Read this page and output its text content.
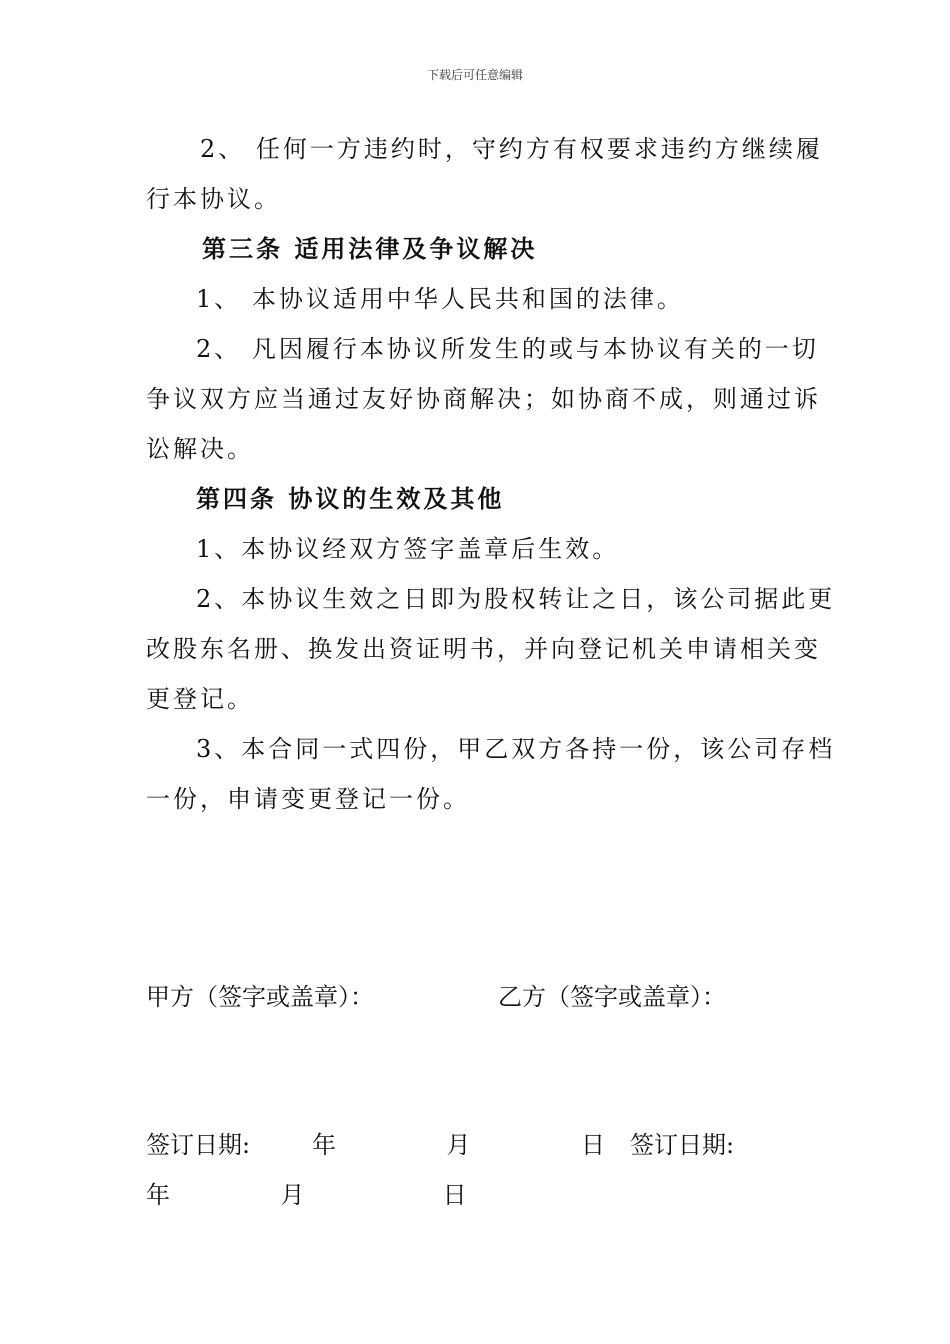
下载后可任意编辑
2、 任何一方违约时，守约方有权要求违约方继续履
行本协议。
第三条 适用法律及争议解决
1、 本协议适用中华人民共和国的法律。
2、 凡因履行本协议所发生的或与本协议有关的一切
争议双方应当通过友好协商解决；如协商不成，则通过诉
讼解决。
第四条 协议的生效及其他
1、本协议经双方签字盖章后生效。
2、本协议生效之日即为股权转让之日，该公司据此更
改股东名册、换发出资证明书，并向登记机关申请相关变
更登记。
3、本合同一式四份，甲乙双方各持一份，该公司存档
一份，申请变更登记一份。
甲方（签字或盖章）：	乙方（签字或盖章）：
签订日期:	年    月    日 签订日期:
年    月     日
